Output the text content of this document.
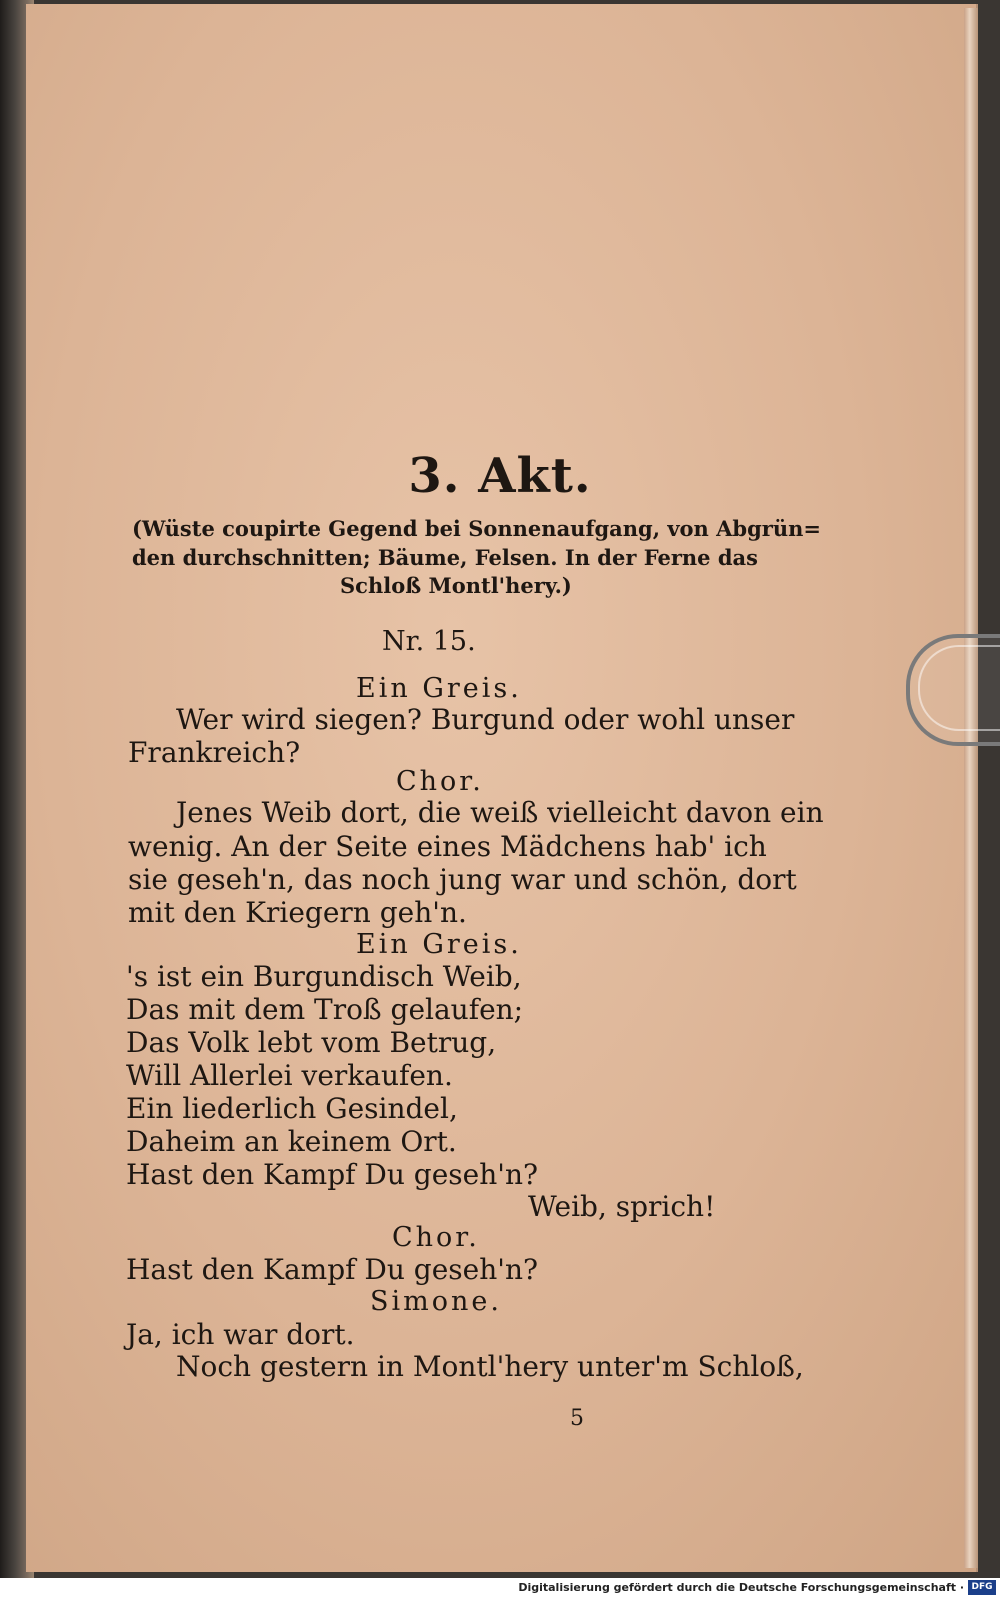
3. Akt.
(Wüste coupirte Gegend bei Sonnenaufgang, von Abgrün=
den durchschnitten; Bäume, Felsen. In der Ferne das
Schloß Montl'hery.)
Nr. 15.
Ein Greis.
Wer wird siegen? Burgund oder wohl unser
Frankreich?
Chor.
Jenes Weib dort, die weiß vielleicht davon ein
wenig. An der Seite eines Mädchens hab' ich
sie geseh'n, das noch jung war und schön, dort
mit den Kriegern geh'n.
Ein Greis.
's ist ein Burgundisch Weib,
Das mit dem Troß gelaufen;
Das Volk lebt vom Betrug,
Will Allerlei verkaufen.
Ein liederlich Gesindel,
Daheim an keinem Ort.
Hast den Kampf Du geseh'n?
Weib, sprich!
Chor.
Hast den Kampf Du geseh'n?
Simone.
Ja, ich war dort.
Noch gestern in Montl'hery unter'm Schloß,
5
Digitalisierung gefördert durch die Deutsche Forschungsgemeinschaft · DFG
